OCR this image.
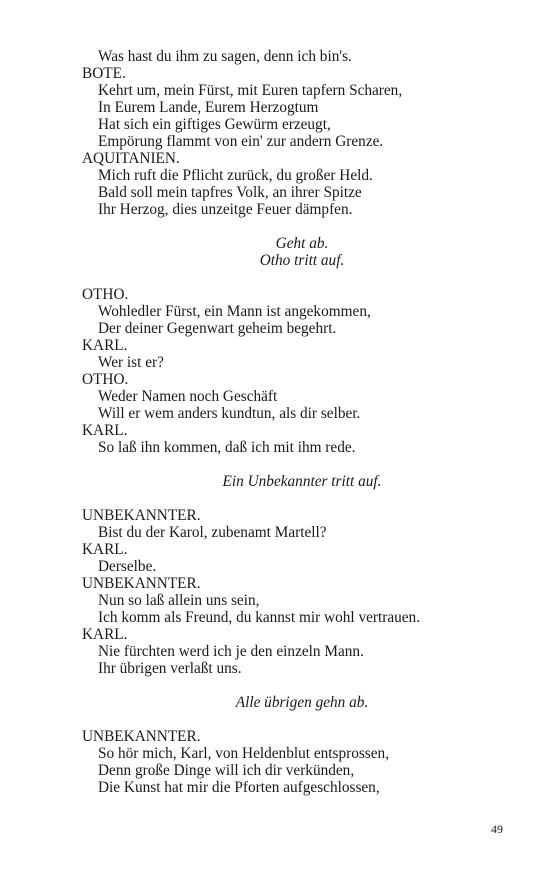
Was hast du ihm zu sagen, denn ich bin's.
BOTE.
Kehrt um, mein Fürst, mit Euren tapfern Scharen,
In Eurem Lande, Eurem Herzogtum
Hat sich ein giftiges Gewürm erzeugt,
Empörung flammt von ein' zur andern Grenze.
AQUITANIEN.
Mich ruft die Pflicht zurück, du großer Held.
Bald soll mein tapfres Volk, an ihrer Spitze
Ihr Herzog, dies unzeitge Feuer dämpfen.
Geht ab.
Otho tritt auf.
OTHO.
Wohledler Fürst, ein Mann ist angekommen,
Der deiner Gegenwart geheim begehrt.
KARL.
Wer ist er?
OTHO.
Weder Namen noch Geschäft
Will er wem anders kundtun, als dir selber.
KARL.
So laß ihn kommen, daß ich mit ihm rede.
Ein Unbekannter tritt auf.
UNBEKANNTER.
Bist du der Karol, zubenamt Martell?
KARL.
Derselbe.
UNBEKANNTER.
Nun so laß allein uns sein,
Ich komm als Freund, du kannst mir wohl vertrauen.
KARL.
Nie fürchten werd ich je den einzeln Mann.
Ihr übrigen verlaßt uns.
Alle übrigen gehn ab.
UNBEKANNTER.
So hör mich, Karl, von Heldenblut entsprossen,
Denn große Dinge will ich dir verkünden,
Die Kunst hat mir die Pforten aufgeschlossen,
49
